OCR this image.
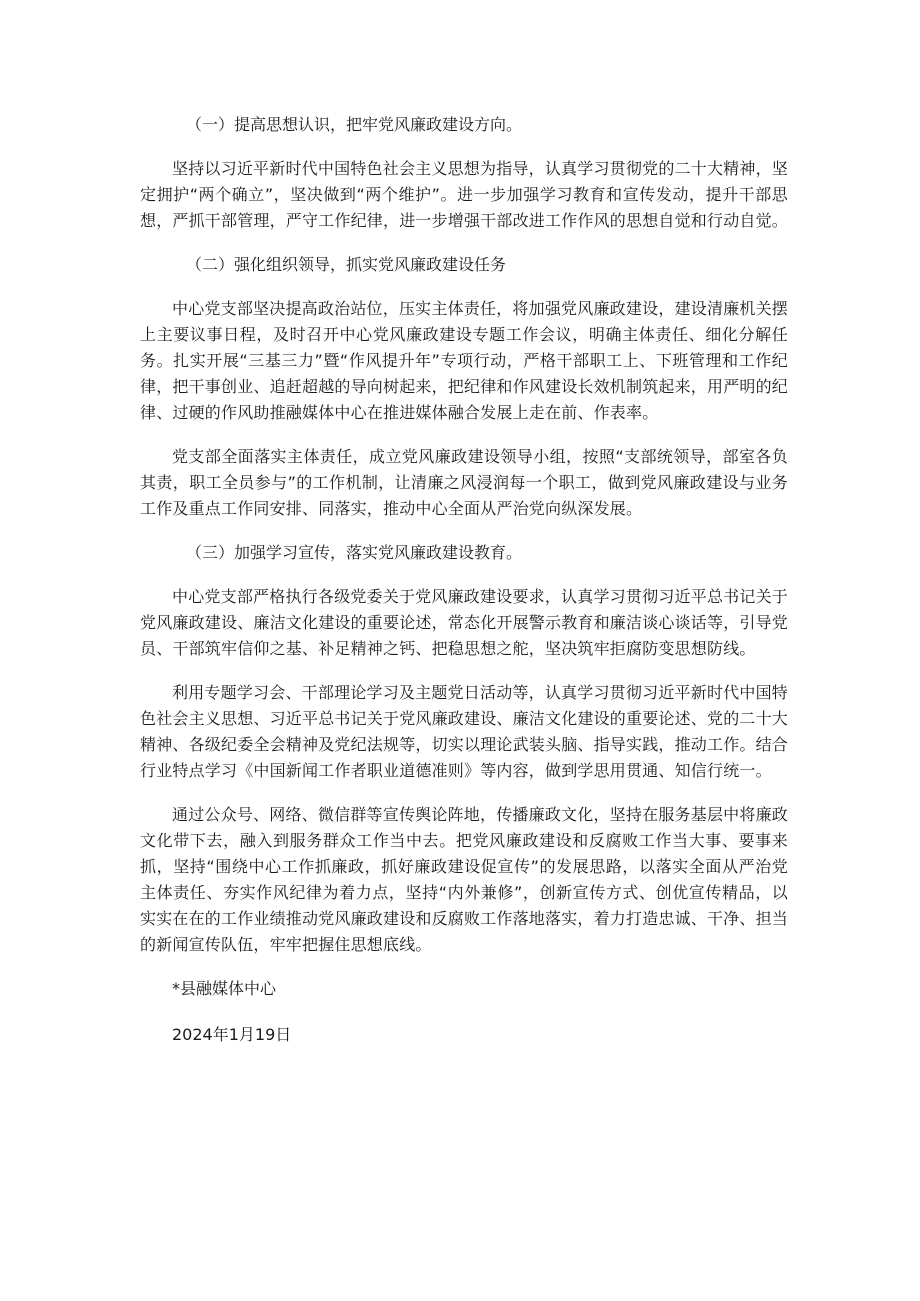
（一）提高思想认识，把牢党风廉政建设方向。

坚持以习近平新时代中国特色社会主义思想为指导，认真学习贯彻党的二十大精神，坚定拥护“两个确立”，坚决做到“两个维护”。进一步加强学习教育和宣传发动，提升干部思想，严抓干部管理，严守工作纪律，进一步增强干部改进工作作风的思想自觉和行动自觉。

（二）强化组织领导，抓实党风廉政建设任务

中心党支部坚决提高政治站位，压实主体责任，将加强党风廉政建设，建设清廉机关摆上主要议事日程，及时召开中心党风廉政建设专题工作会议，明确主体责任、细化分解任务。扎实开展“三基三力”暨“作风提升年”专项行动，严格干部职工上、下班管理和工作纪律，把干事创业、追赶超越的导向树起来，把纪律和作风建设长效机制筑起来，用严明的纪律、过硬的作风助推融媒体中心在推进媒体融合发展上走在前、作表率。

党支部全面落实主体责任，成立党风廉政建设领导小组，按照“支部统领导，部室各负其责，职工全员参与”的工作机制，让清廉之风浸润每一个职工，做到党风廉政建设与业务工作及重点工作同安排、同落实，推动中心全面从严治党向纵深发展。

（三）加强学习宣传，落实党风廉政建设教育。

中心党支部严格执行各级党委关于党风廉政建设要求，认真学习贯彻习近平总书记关于党风廉政建设、廉洁文化建设的重要论述，常态化开展警示教育和廉洁谈心谈话等，引导党员、干部筑牢信仰之基、补足精神之钙、把稳思想之舵，坚决筑牢拒腐防变思想防线。

利用专题学习会、干部理论学习及主题党日活动等，认真学习贯彻习近平新时代中国特色社会主义思想、习近平总书记关于党风廉政建设、廉洁文化建设的重要论述、党的二十大精神、各级纪委全会精神及党纪法规等，切实以理论武装头脑、指导实践，推动工作。结合行业特点学习《中国新闻工作者职业道德准则》等内容，做到学思用贯通、知信行统一。

通过公众号、网络、微信群等宣传舆论阵地，传播廉政文化，坚持在服务基层中将廉政文化带下去，融入到服务群众工作当中去。把党风廉政建设和反腐败工作当大事、要事来抓，坚持“围绕中心工作抓廉政，抓好廉政建设促宣传”的发展思路，以落实全面从严治党主体责任、夯实作风纪律为着力点，坚持“内外兼修”，创新宣传方式、创优宣传精品，以实实在在的工作业绩推动党风廉政建设和反腐败工作落地落实，着力打造忠诚、干净、担当的新闻宣传队伍，牢牢把握住思想底线。

*县融媒体中心

2024年1月19日
